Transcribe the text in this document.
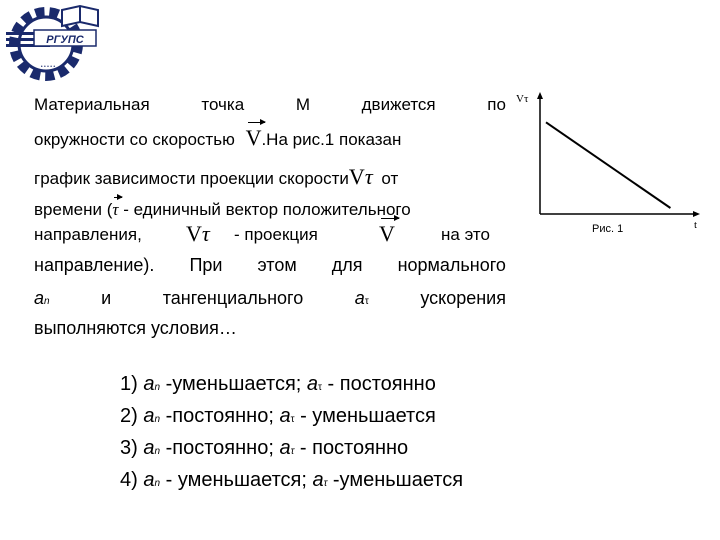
РГУПС
• • • • •
Материальная	точка	М	движется	по
окружности со скоростью V.На рис.1 показан
график зависимости проекции скоростиVτ от
времени (
τ - единичный вектор положительного
направления, Vτ - проекция	V	на это
направление). При этом для нормального
an	и	тангенциального	aτ	ускорения
выполняются условия…
1) an -уменьшается; aτ - постоянно
2) an -постоянно; aτ - уменьшается
3) an -постоянно; aτ - постоянно
4) an - уменьшается; aτ -уменьшается
Vτ
t
Рис. 1
